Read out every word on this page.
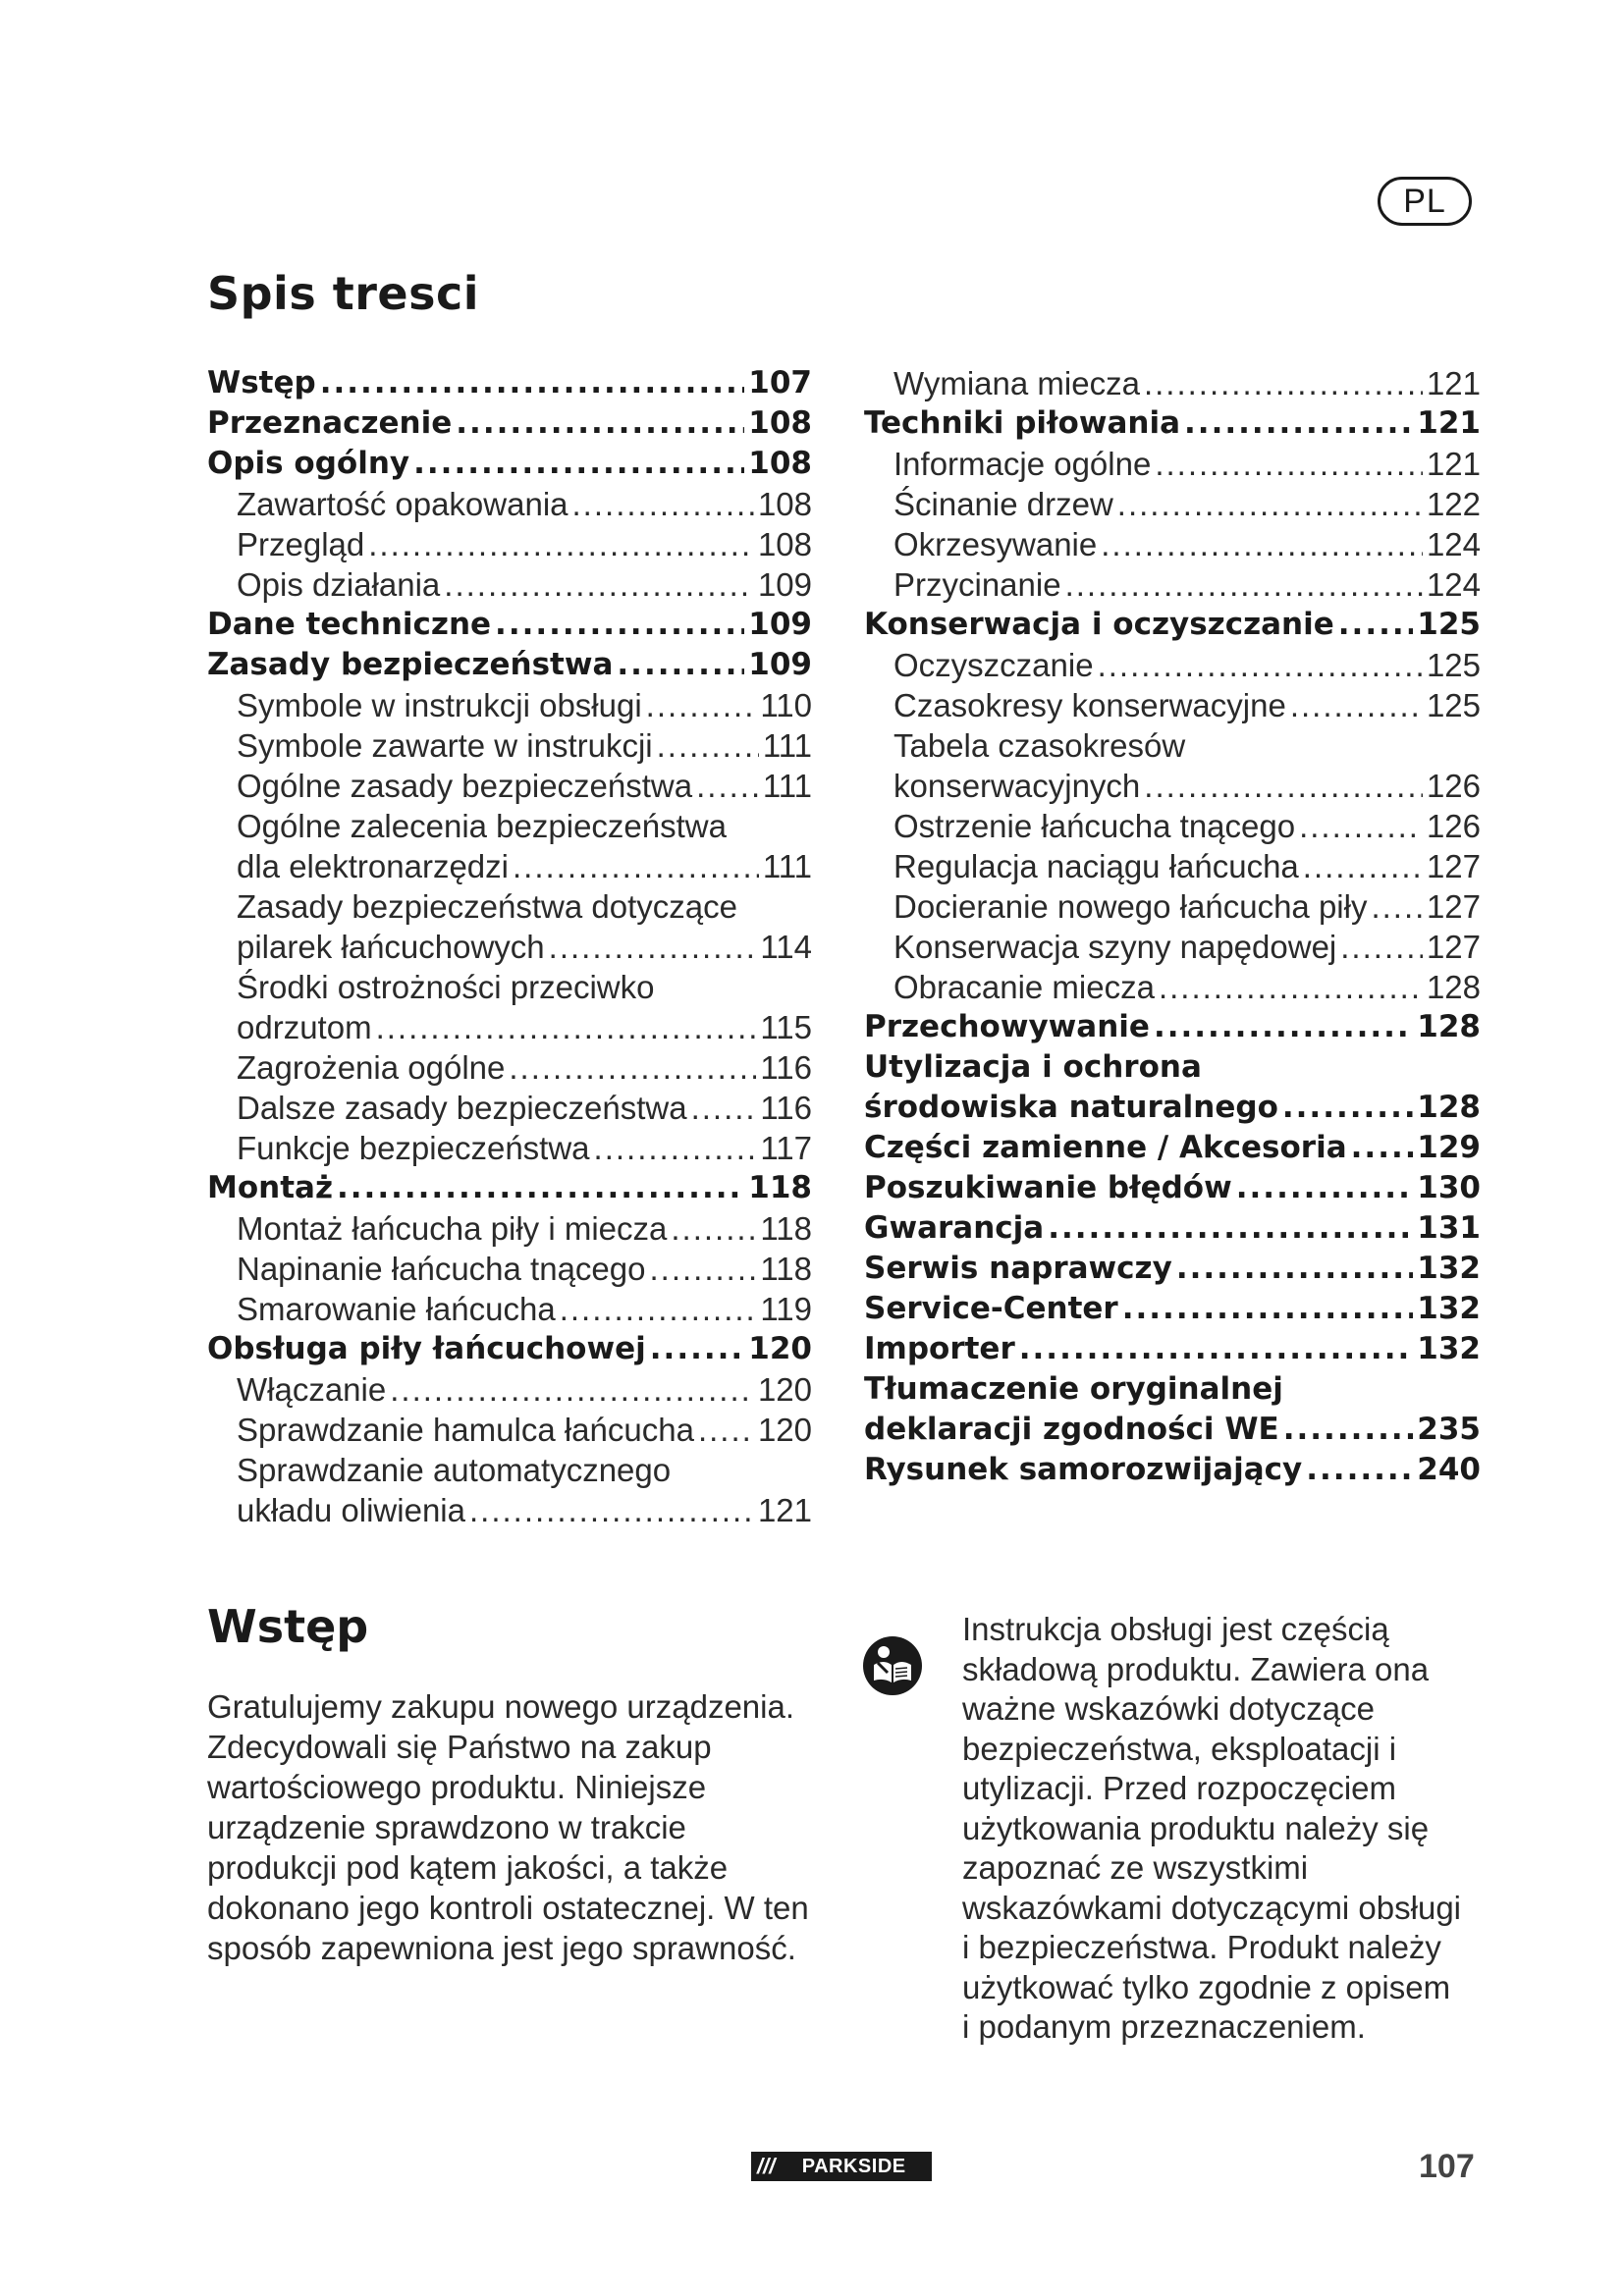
PL
Spis tresci
Wstęp .....	107
Przeznaczenie .....	108
Opis ogólny .....	108
Zawartość opakowania .....	108
Przegląd .....	108
Opis działania .....	109
Dane techniczne .....	109
Zasady bezpieczeństwa .....	109
Symbole w instrukcji obsługi .....	110
Symbole zawarte w instrukcji .....	111
Ogólne zasady bezpieczeństwa ..... 111
Ogólne zalecenia bezpieczeństwa
dla elektronarzędzi .....	111
Zasady bezpieczeństwa dotyczące
pilarek łańcuchowych .....	114
Środki ostrożności przeciwko
odrzutom .....	115
Zagrożenia ogólne .....	116
Dalsze zasady bezpieczeństwa ..... 116
Funkcje bezpieczeństwa .....	117
Montaż .....	118
Montaż łańcucha piły i miecza .....	118
Napinanie łańcucha tnącego .....	118
Smarowanie łańcucha .....	119
Obsługa piły łańcuchowej .....	120
Włączanie .....	120
Sprawdzanie hamulca łańcucha ..... 120
Sprawdzanie automatycznego
układu oliwienia .....	121
Wymiana miecza .....	121
Techniki piłowania .....	121
Informacje ogólne .....	121
Ścinanie drzew .....	122
Okrzesywanie .....	124
Przycinanie .....	124
Konserwacja i oczyszczanie .....	125
Oczyszczanie .....	125
Czasokresy konserwacyjne .....	125
Tabela czasokresów
konserwacyjnych .....	126
Ostrzenie łańcucha tnącego .....	126
Regulacja naciągu łańcucha .....	127
Docieranie nowego łańcucha piły ..... 127
Konserwacja szyny napędowej .....	127
Obracanie miecza .....	128
Przechowywanie .....	128
Utylizacja i ochrona
środowiska naturalnego .....	128
Części zamienne / Akcesoria ..... 129
Poszukiwanie błędów .....	130
Gwarancja .....	131
Serwis naprawczy .....	132
Service-Center .....	132
Importer .....	132
Tłumaczenie oryginalnej
deklaracji zgodności WE .....	235
Rysunek samorozwijający .....	240
Wstęp

Gratulujemy zakupu nowego urządzenia. Zdecydowali się Państwo na zakup wartościowego produktu. Niniejsze urządzenie sprawdzono w trakcie produkcji pod kątem jakości, a także dokonano jego kontroli ostatecznej. W ten sposób zapewniona jest jego sprawność.

Instrukcja obsługi jest częścią składową produktu. Zawiera ona ważne wskazówki dotyczące bezpieczeństwa, eksploatacji i utylizacji. Przed rozpoczęciem użytkowania produktu należy się zapoznać ze wszystkimi wskazówkami dotyczącymi obsługi i bezpieczeństwa. Produkt należy użytkować tylko zgodnie z opisem i podanym przeznaczeniem.

///	PARKSIDE	107
